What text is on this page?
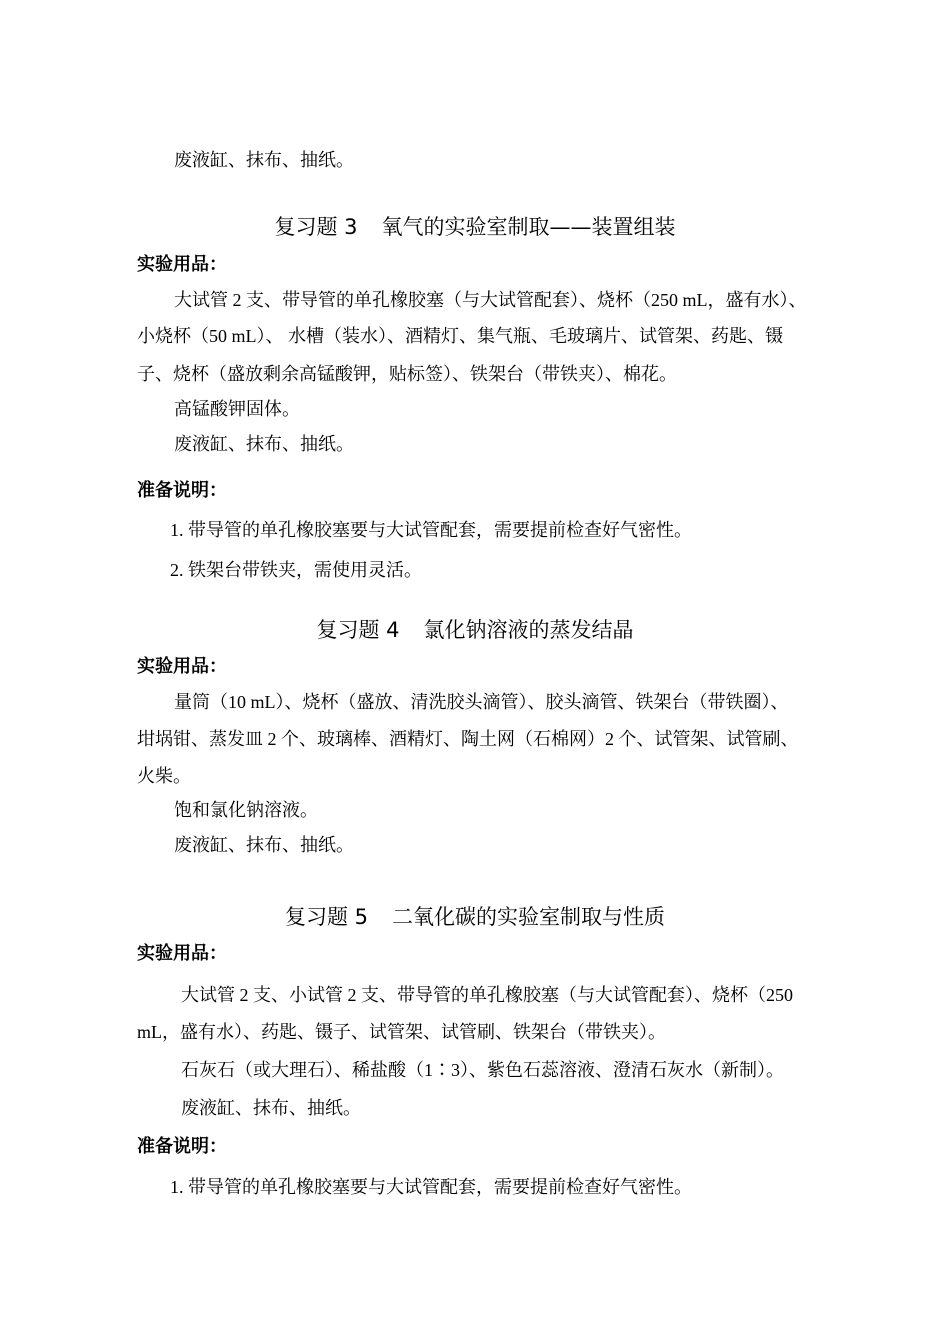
废液缸、抹布、抽纸。
复习题 3 氧气的实验室制取——装置组装
实验用品：
大试管 2 支、带导管的单孔橡胶塞（与大试管配套）、烧杯（250 mL，盛有水）、
小烧杯（50 mL）、 水槽（装水）、酒精灯、集气瓶、毛玻璃片、试管架、药匙、镊
子、烧杯（盛放剩余高锰酸钾，贴标签）、铁架台（带铁夹）、棉花。
高锰酸钾固体。
废液缸、抹布、抽纸。
准备说明：
1. 带导管的单孔橡胶塞要与大试管配套，需要提前检查好气密性。
2. 铁架台带铁夹，需使用灵活。
复习题 4 氯化钠溶液的蒸发结晶
实验用品：
量筒（10 mL）、烧杯（盛放、清洗胶头滴管）、胶头滴管、铁架台（带铁圈）、
坩埚钳、蒸发皿 2 个、玻璃棒、酒精灯、陶土网（石棉网）2 个、试管架、试管刷、
火柴。
饱和氯化钠溶液。
废液缸、抹布、抽纸。
复习题 5 二氧化碳的实验室制取与性质
实验用品：
大试管 2 支、小试管 2 支、带导管的单孔橡胶塞（与大试管配套）、烧杯（250
mL，盛有水）、药匙、镊子、试管架、试管刷、铁架台（带铁夹）。
石灰石（或大理石）、稀盐酸（1∶3）、紫色石蕊溶液、澄清石灰水（新制）。
废液缸、抹布、抽纸。
准备说明：
1. 带导管的单孔橡胶塞要与大试管配套，需要提前检查好气密性。
